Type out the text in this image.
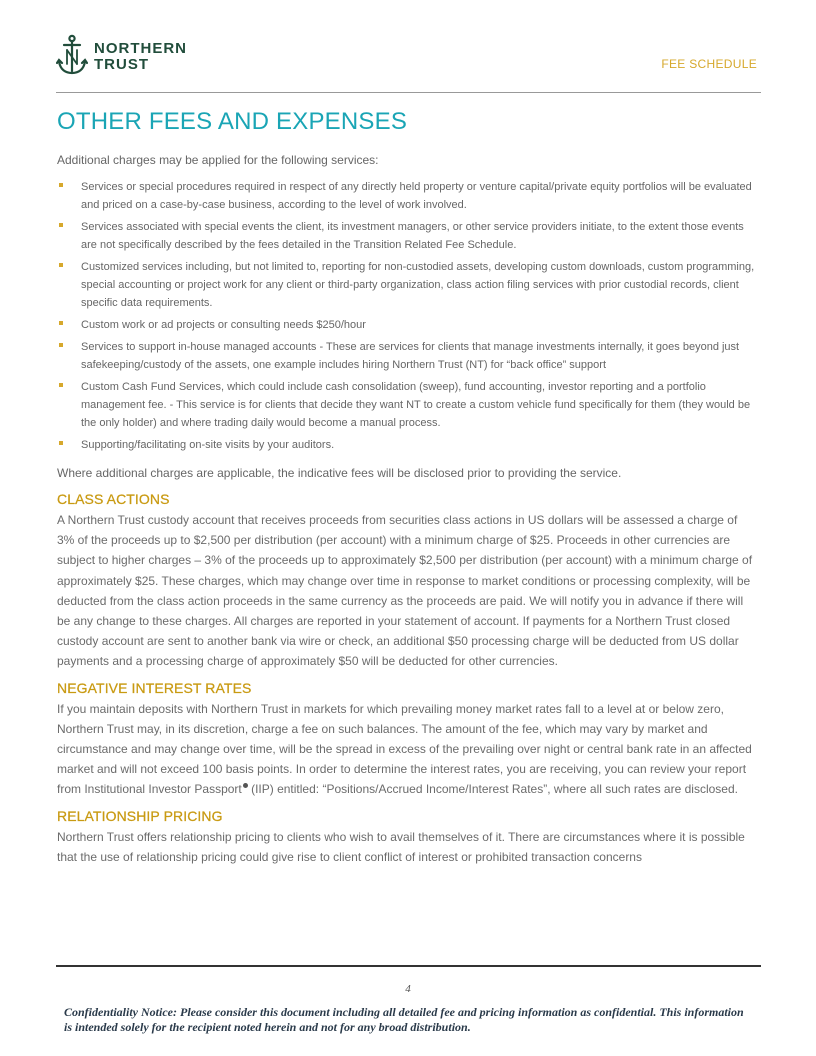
NORTHERN
TRUST	FEE SCHEDULE
OTHER FEES AND EXPENSES

Additional charges may be applied for the following services:

Services or special procedures required in respect of any directly held property or venture capital/private equity portfolios will be evaluated and priced on a case-by-case business, according to the level of work involved.
Services associated with special events the client, its investment managers, or other service providers initiate, to the extent those events are not specifically described by the fees detailed in the Transition Related Fee Schedule.
Customized services including, but not limited to, reporting for non-custodied assets, developing custom downloads, custom programming, special accounting or project work for any client or third-party organization, class action filing services with prior custodial records, client specific data requirements.
Custom work or ad projects or consulting needs $250/hour
Services to support in-house managed accounts - These are services for clients that manage investments internally, it goes beyond just safekeeping/custody of the assets, one example includes hiring Northern Trust (NT) for “back office” support
Custom Cash Fund Services, which could include cash consolidation (sweep), fund accounting, investor reporting and a portfolio management fee. - This service is for clients that decide they want NT to create a custom vehicle fund specifically for them (they would be the only holder) and where trading daily would become a manual process.
Supporting/facilitating on-site visits by your auditors.

Where additional charges are applicable, the indicative fees will be disclosed prior to providing the service.

CLASS ACTIONS

A Northern Trust custody account that receives proceeds from securities class actions in US dollars will be assessed a charge of 3% of the proceeds up to $2,500 per distribution (per account) with a minimum charge of $25. Proceeds in other currencies are subject to higher charges – 3% of the proceeds up to approximately $2,500 per distribution (per account) with a minimum charge of approximately $25. These charges, which may change over time in response to market conditions or processing complexity, will be deducted from the class action proceeds in the same currency as the proceeds are paid. We will notify you in advance if there will be any change to these charges. All charges are reported in your statement of account. If payments for a Northern Trust closed custody account are sent to another bank via wire or check, an additional $50 processing charge will be deducted from US dollar payments and a processing charge of approximately $50 will be deducted for other currencies.

NEGATIVE INTEREST RATES

If you maintain deposits with Northern Trust in markets for which prevailing money market rates fall to a level at or below zero, Northern Trust may, in its discretion, charge a fee on such balances. The amount of the fee, which may vary by market and circumstance and may change over time, will be the spread in excess of the prevailing over night or central bank rate in an affected market and will not exceed 100 basis points. In order to determine the interest rates, you are receiving, you can review your report from Institutional Investor Passport (IIP) entitled: “Positions/Accrued Income/Interest Rates”, where all such rates are disclosed.

RELATIONSHIP PRICING

Northern Trust offers relationship pricing to clients who wish to avail themselves of it. There are circumstances where it is possible that the use of relationship pricing could give rise to client conflict of interest or prohibited transaction concerns

4
Confidentiality Notice: Please consider this document including all detailed fee and pricing information as confidential. This information is intended solely for the recipient noted herein and not for any broad distribution.
